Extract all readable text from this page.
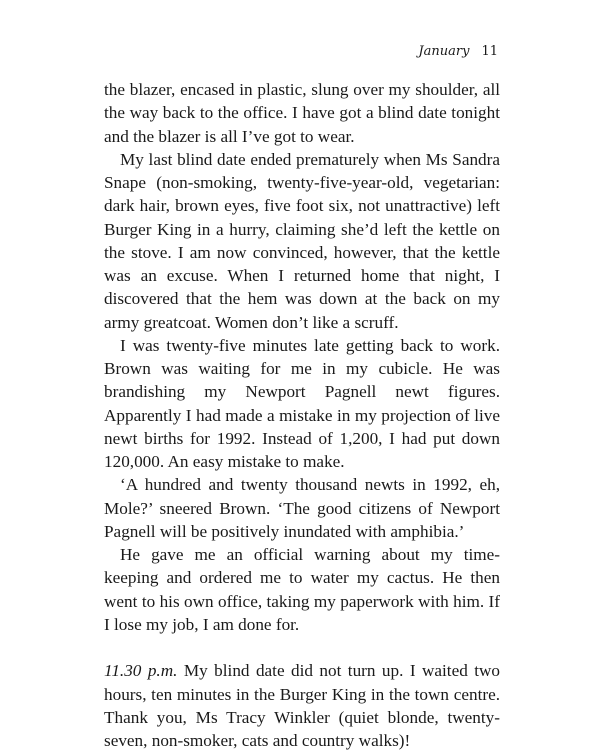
January 11

the blazer, encased in plastic, slung over my shoulder, all the way back to the office. I have got a blind date tonight and the blazer is all I’ve got to wear.

My last blind date ended prematurely when Ms Sandra Snape (non-smoking, twenty-five-year-old, vegetarian: dark hair, brown eyes, five foot six, not unattractive) left Burger King in a hurry, claiming she’d left the kettle on the stove. I am now convinced, however, that the kettle was an excuse. When I returned home that night, I discovered that the hem was down at the back on my army greatcoat. Women don’t like a scruff.

I was twenty-five minutes late getting back to work. Brown was waiting for me in my cubicle. He was brandishing my Newport Pagnell newt figures. Apparently I had made a mistake in my projection of live newt births for 1992. Instead of 1,200, I had put down 120,000. An easy mistake to make.

‘A hundred and twenty thousand newts in 1992, eh, Mole?’ sneered Brown. ‘The good citizens of Newport Pagnell will be positively inundated with amphibia.’

He gave me an official warning about my time-keeping and ordered me to water my cactus. He then went to his own office, taking my paperwork with him. If I lose my job, I am done for.

11.30 p.m. My blind date did not turn up. I waited two hours, ten minutes in the Burger King in the town centre. Thank you, Ms Tracy Winkler (quiet blonde, twenty-seven, non-smoker, cats and country walks)!
